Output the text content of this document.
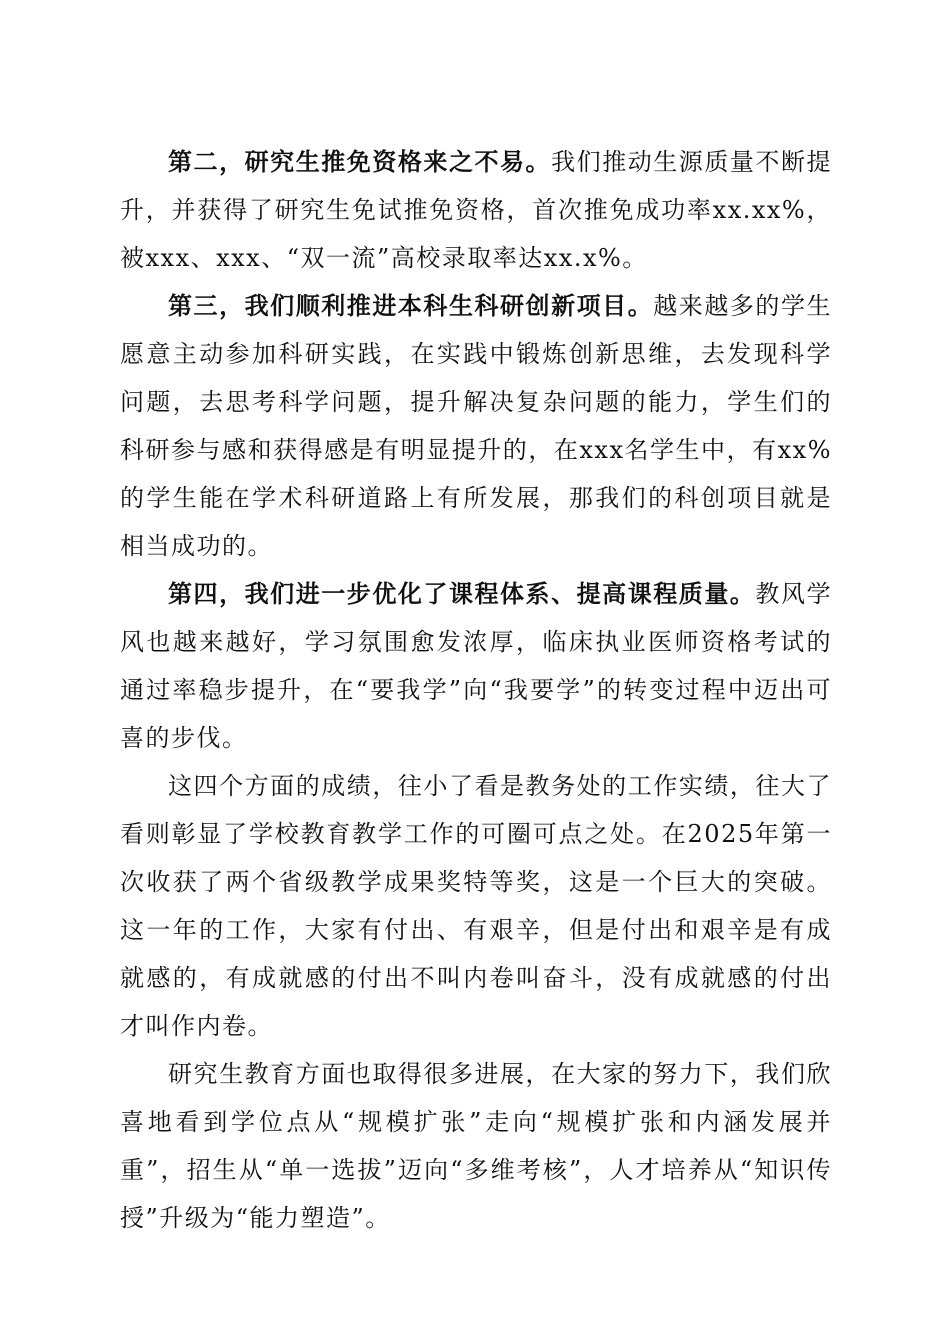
第二，研究生推免资格来之不易。我们推动生源质量不断提升，并获得了研究生免试推免资格，首次推免成功率xx.xx%，被xxx、xxx、“双一流”高校录取率达xx.x%。

第三，我们顺利推进本科生科研创新项目。越来越多的学生愿意主动参加科研实践，在实践中锻炼创新思维，去发现科学问题，去思考科学问题，提升解决复杂问题的能力，学生们的科研参与感和获得感是有明显提升的，在xxx名学生中，有xx%的学生能在学术科研道路上有所发展，那我们的科创项目就是相当成功的。

第四，我们进一步优化了课程体系、提高课程质量。教风学风也越来越好，学习氛围愈发浓厚，临床执业医师资格考试的通过率稳步提升，在“要我学”向“我要学”的转变过程中迈出可喜的步伐。

这四个方面的成绩，往小了看是教务处的工作实绩，往大了看则彰显了学校教育教学工作的可圈可点之处。在2025年第一次收获了两个省级教学成果奖特等奖，这是一个巨大的突破。这一年的工作，大家有付出、有艰辛，但是付出和艰辛是有成就感的，有成就感的付出不叫内卷叫奋斗，没有成就感的付出才叫作内卷。

研究生教育方面也取得很多进展，在大家的努力下，我们欣喜地看到学位点从“规模扩张”走向“规模扩张和内涵发展并重”，招生从“单一选拔”迈向“多维考核”，人才培养从“知识传授”升级为“能力塑造”。
